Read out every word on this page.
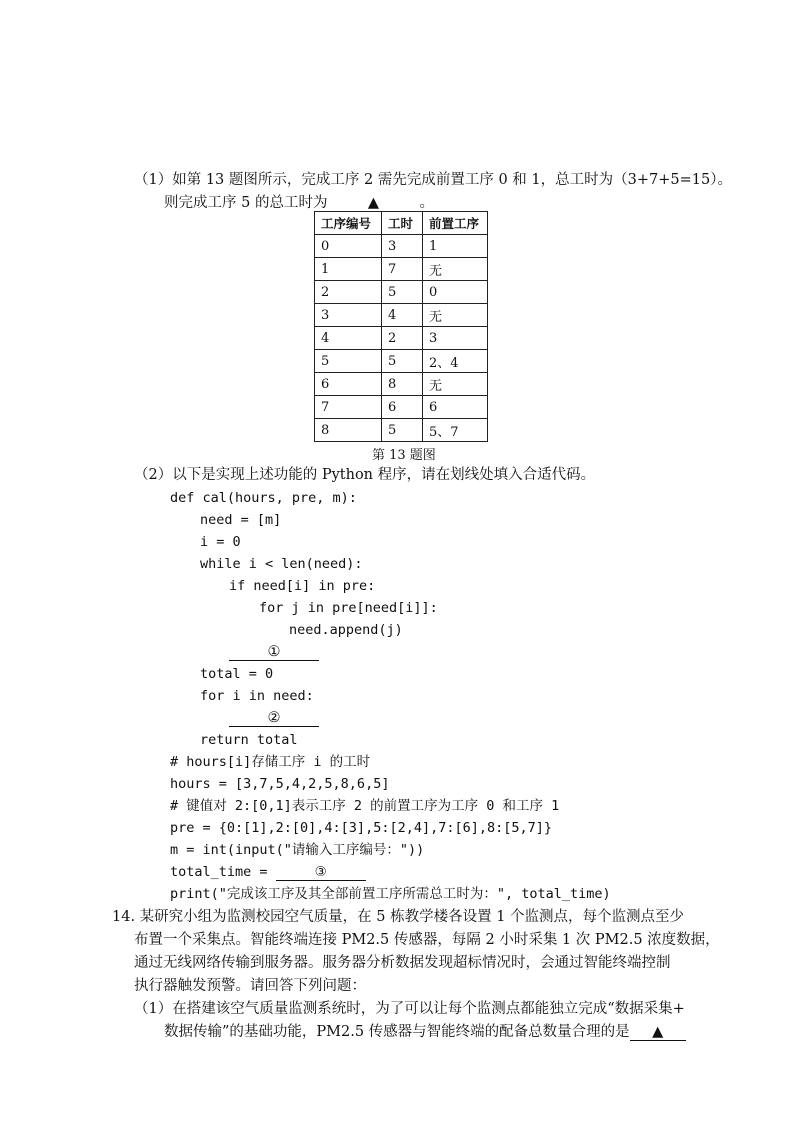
（1）如第 13 题图所示，完成工序 2 需先完成前置工序 0 和 1，总工时为（3+7+5=15）。
则完成工序 5 的总工时为	▲	。
工序编号	工时	前置工序
0	3	1
1	7	无
2	5	0
3	4	无
4	2	3
5	5	2、4
6	8	无
7	6	6
8	5	5、7
第 13 题图
（2）以下是实现上述功能的 Python 程序，请在划线处填入合适代码。
def cal(hours, pre, m):
need = [m]
i = 0
while i < len(need):
if need[i] in pre:
for j in pre[need[i]]:
need.append(j)
①
total = 0
for i in need:
②
return total
# hours[i]存储工序 i 的工时
hours = [3,7,5,4,2,5,8,6,5]
# 键值对 2:[0,1]表示工序 2 的前置工序为工序 0 和工序 1
pre = {0:[1],2:[0],4:[3],5:[2,4],7:[6],8:[5,7]}
m = int(input("请输入工序编号："))
total_time =	③
print("完成该工序及其全部前置工序所需总工时为：", total_time)
14. 某研究小组为监测校园空气质量，在 5 栋教学楼各设置 1 个监测点，每个监测点至少
布置一个采集点。智能终端连接 PM2.5 传感器，每隔 2 小时采集 1 次 PM2.5 浓度数据，
通过无线网络传输到服务器。服务器分析数据发现超标情况时，会通过智能终端控制
执行器触发预警。请回答下列问题：
（1）在搭建该空气质量监测系统时，为了可以让每个监测点都能独立完成“数据采集+
数据传输”的基础功能，PM2.5 传感器与智能终端的配备总数量合理的是 ▲
